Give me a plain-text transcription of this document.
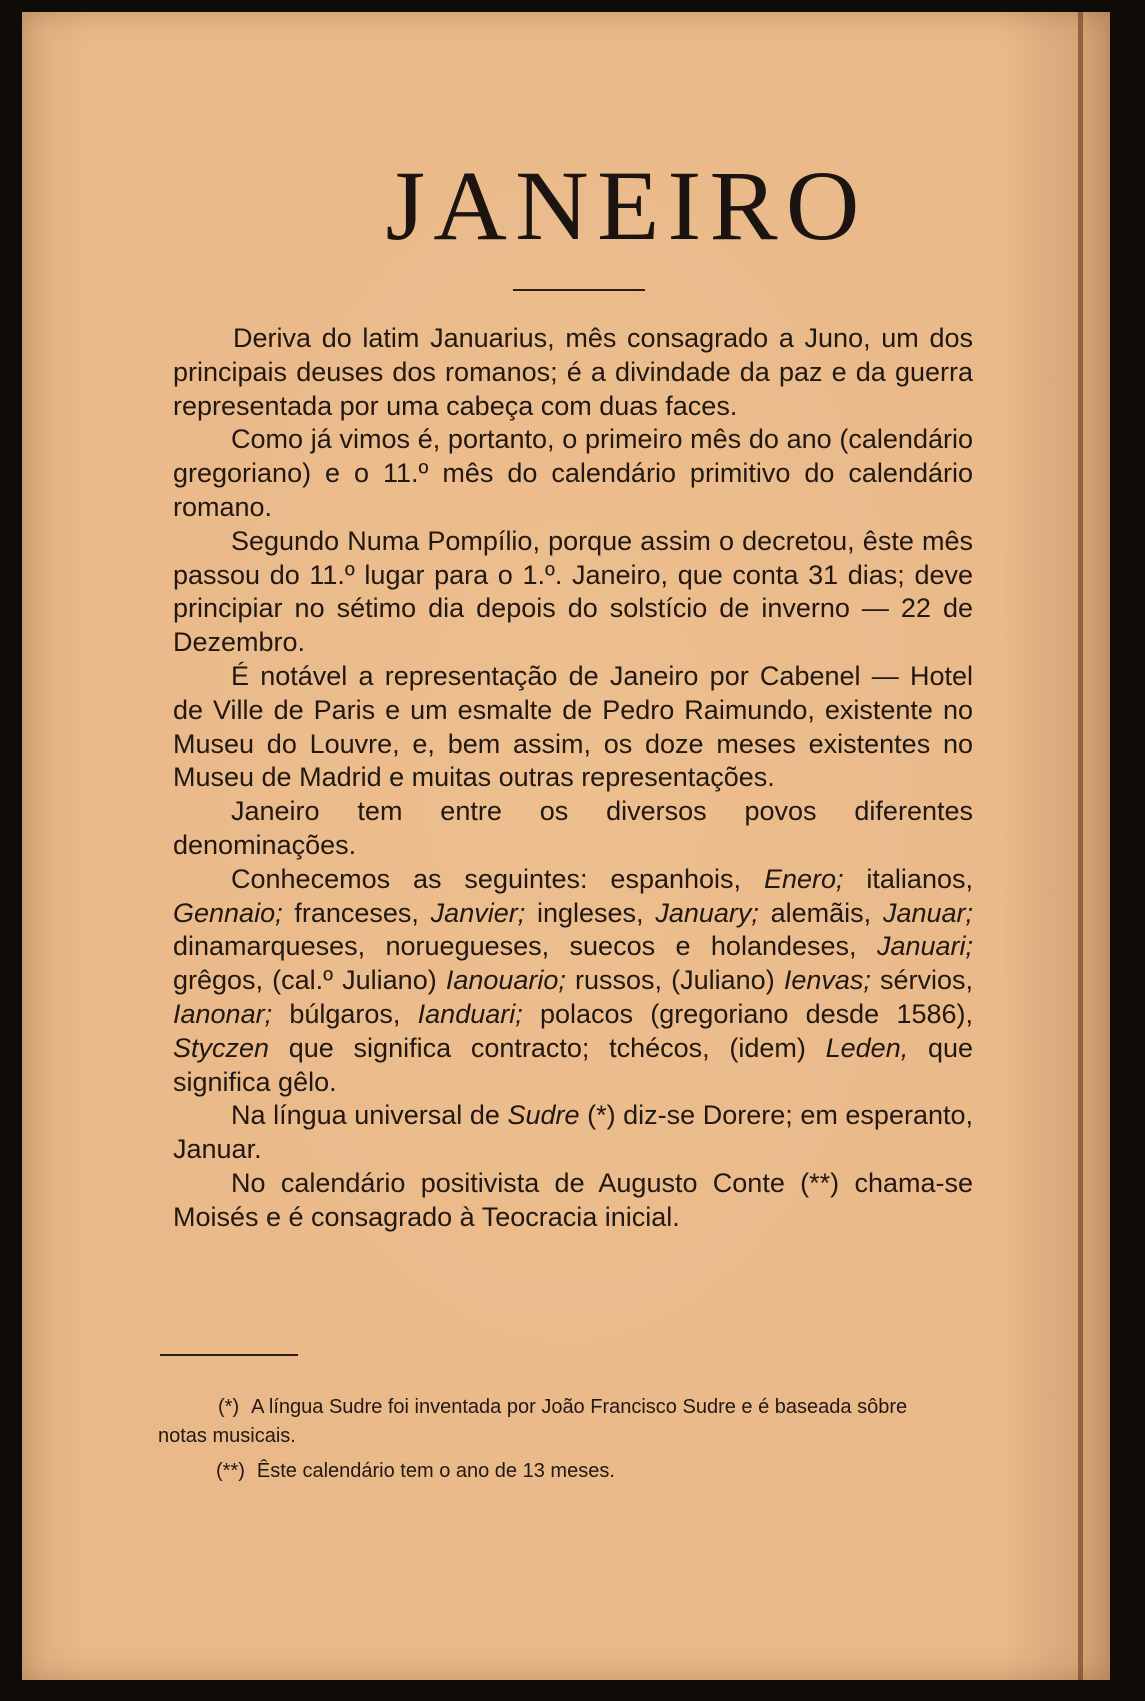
JANEIRO

Deriva do latim Januarius, mês consagrado a Juno, um dos principais deuses dos romanos; é a divindade da paz e da guerra representada por uma cabeça com duas faces.

Como já vimos é, portanto, o primeiro mês do ano (calendário gregoriano) e o 11.º mês do calendário primitivo do calendário romano.

Segundo Numa Pompílio, porque assim o decretou, êste mês passou do 11.º lugar para o 1.º. Janeiro, que conta 31 dias; deve principiar no sétimo dia depois do solstício de inverno — 22 de Dezembro.

É notável a representação de Janeiro por Cabenel — Hotel de Ville de Paris e um esmalte de Pedro Raimundo, existente no Museu do Louvre, e, bem assim, os doze meses existentes no Museu de Madrid e muitas outras representações.

Janeiro tem entre os diversos povos diferentes denominações.

Conhecemos as seguintes: espanhois, Enero; italianos, Gennaio; franceses, Janvier; ingleses, January; alemãis, Januar; dinamarqueses, noruegueses, suecos e holandeses, Januari; grêgos, (cal.º Juliano) Ianouario; russos, (Juliano) Ienvas; sérvios, Ianonar; búlgaros, Ianduari; polacos (gregoriano desde 1586), Styczen que significa contracto; tchécos, (idem) Leden, que significa gêlo.

Na língua universal de Sudre (*) diz-se Dorere; em esperanto, Januar.

No calendário positivista de Augusto Conte (**) chama-se Moisés e é consagrado à Teocracia inicial.

(*) A língua Sudre foi inventada por João Francisco Sudre e é baseada sôbre notas musicais.

(**) Êste calendário tem o ano de 13 meses.
